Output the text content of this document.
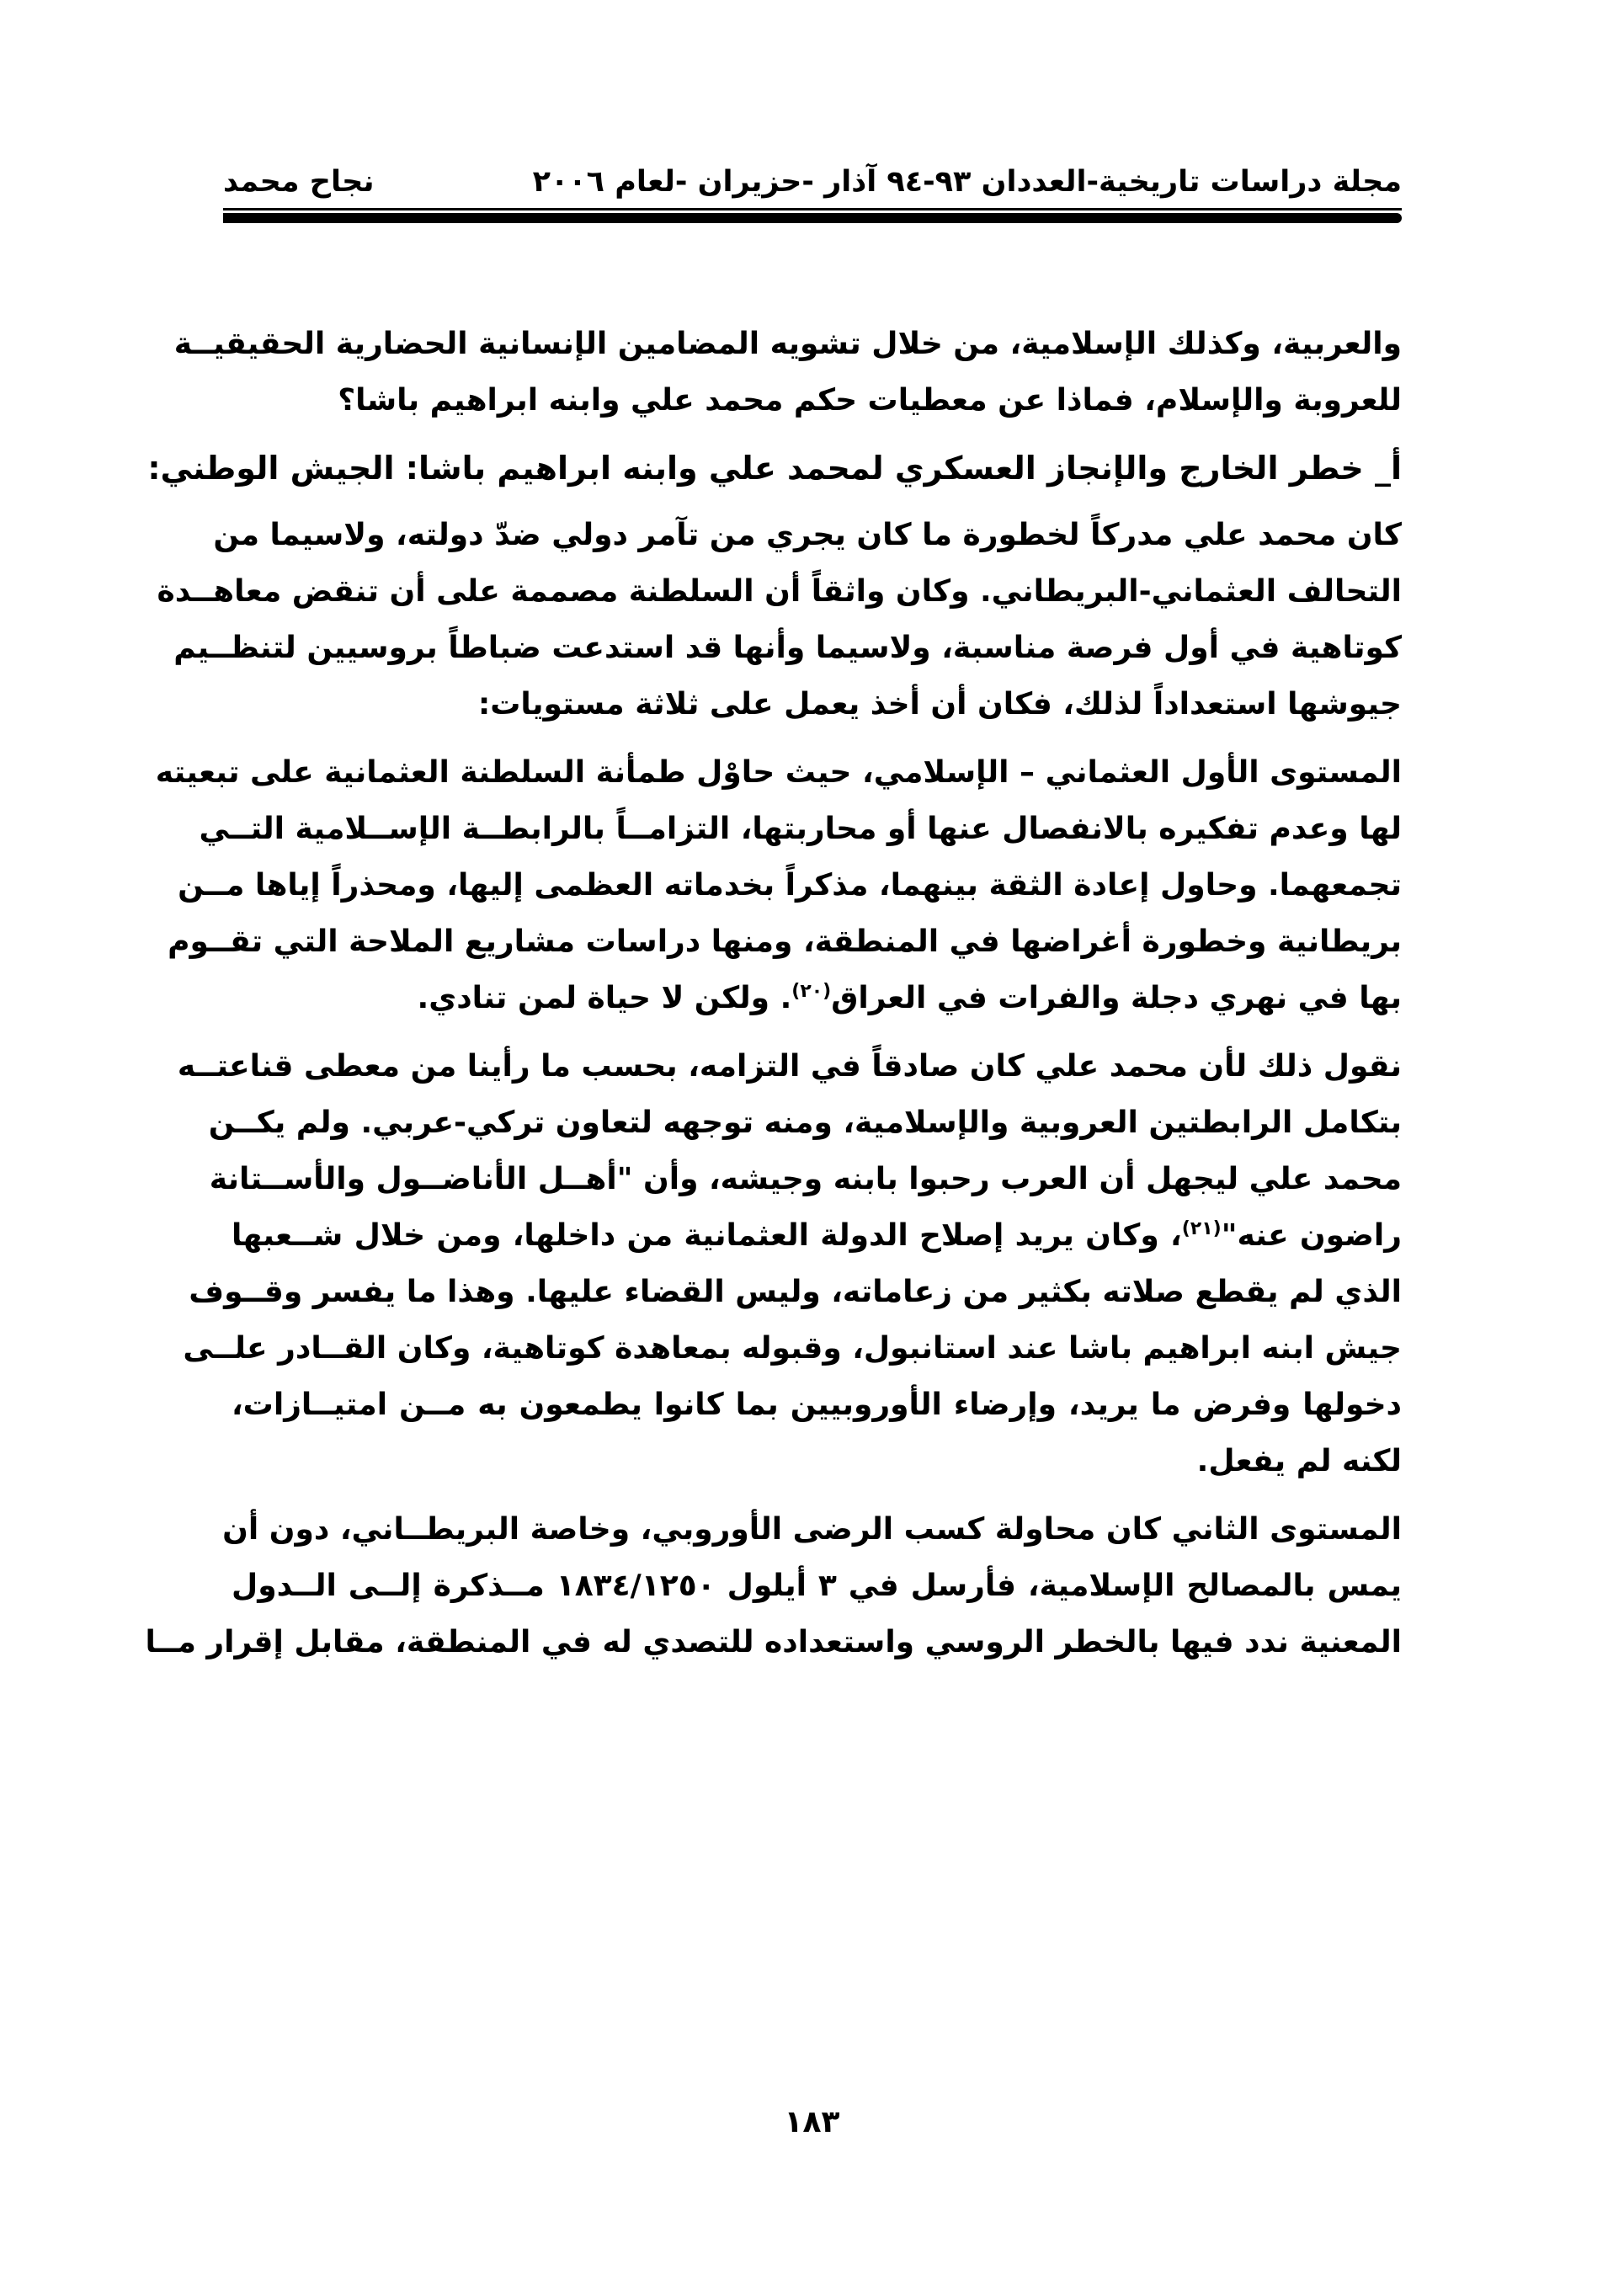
مجلة دراسات تاريخية-العددان ٩٣-٩٤ آذار -حزيران -لعام ٢٠٠٦
نجاح محمد
والعربية، وكذلك الإسلامية، من خلال تشويه المضامين الإنسانية الحضارية الحقيقيــة
للعروبة والإسلام، فماذا عن معطيات حكم محمد علي وابنه ابراهيم باشا؟
أ_ خطر الخارج والإنجاز العسكري لمحمد علي وابنه ابراهيم باشا: الجيش الوطني:
كان محمد علي مدركاً لخطورة ما كان يجري من تآمر دولي ضدّ دولته، ولاسيما من
التحالف العثماني-البريطاني. وكان واثقاً أن السلطنة مصممة على أن تنقض معاهــدة
كوتاهية في أول فرصة مناسبة، ولاسيما وأنها قد استدعت ضباطاً بروسيين لتنظــيم
جيوشها استعداداً لذلك، فكان أن أخذ يعمل على ثلاثة مستويات:
المستوى الأول العثماني – الإسلامي، حيث حاوْل طمأنة السلطنة العثمانية على تبعيته
لها وعدم تفكيره بالانفصال عنها أو محاربتها، التزامــاً بالرابطــة الإســلامية التــي
تجمعهما. وحاول إعادة الثقة بينهما، مذكراً بخدماته العظمى إليها، ومحذراً إياها مــن
بريطانية وخطورة أغراضها في المنطقة، ومنها دراسات مشاريع الملاحة التي تقــوم
بها في نهري دجلة والفرات في العراق$^{(٢٠)}$. ولكن لا حياة لمن تنادي.
نقول ذلك لأن محمد علي كان صادقاً في التزامه، بحسب ما رأينا من معطى قناعتــه
بتكامل الرابطتين العروبية والإسلامية، ومنه توجهه لتعاون تركي-عربي. ولم يكــن
محمد علي ليجهل أن العرب رحبوا بابنه وجيشه، وأن "أهــل الأناضــول والأســتانة
راضون عنه"$^{(٢١)}$، وكان يريد إصلاح الدولة العثمانية من داخلها، ومن خلال شــعبها
الذي لم يقطع صلاته بكثير من زعاماته، وليس القضاء عليها. وهذا ما يفسر وقــوف
جيش ابنه ابراهيم باشا عند استانبول، وقبوله بمعاهدة كوتاهية، وكان القــادر علــى
دخولها وفرض ما يريد، وإرضاء الأوروبيين بما كانوا يطمعون به مــن امتيــازات،
لكنه لم يفعل.
المستوى الثاني كان محاولة كسب الرضى الأوروبي، وخاصة البريطــاني، دون أن
يمس بالمصالح الإسلامية، فأرسل في ٣ أيلول ١٨٣٤/١٢٥٠ مــذكرة إلــى الــدول
المعنية ندد فيها بالخطر الروسي واستعداده للتصدي له في المنطقة، مقابل إقرار مــا
١٨٣
